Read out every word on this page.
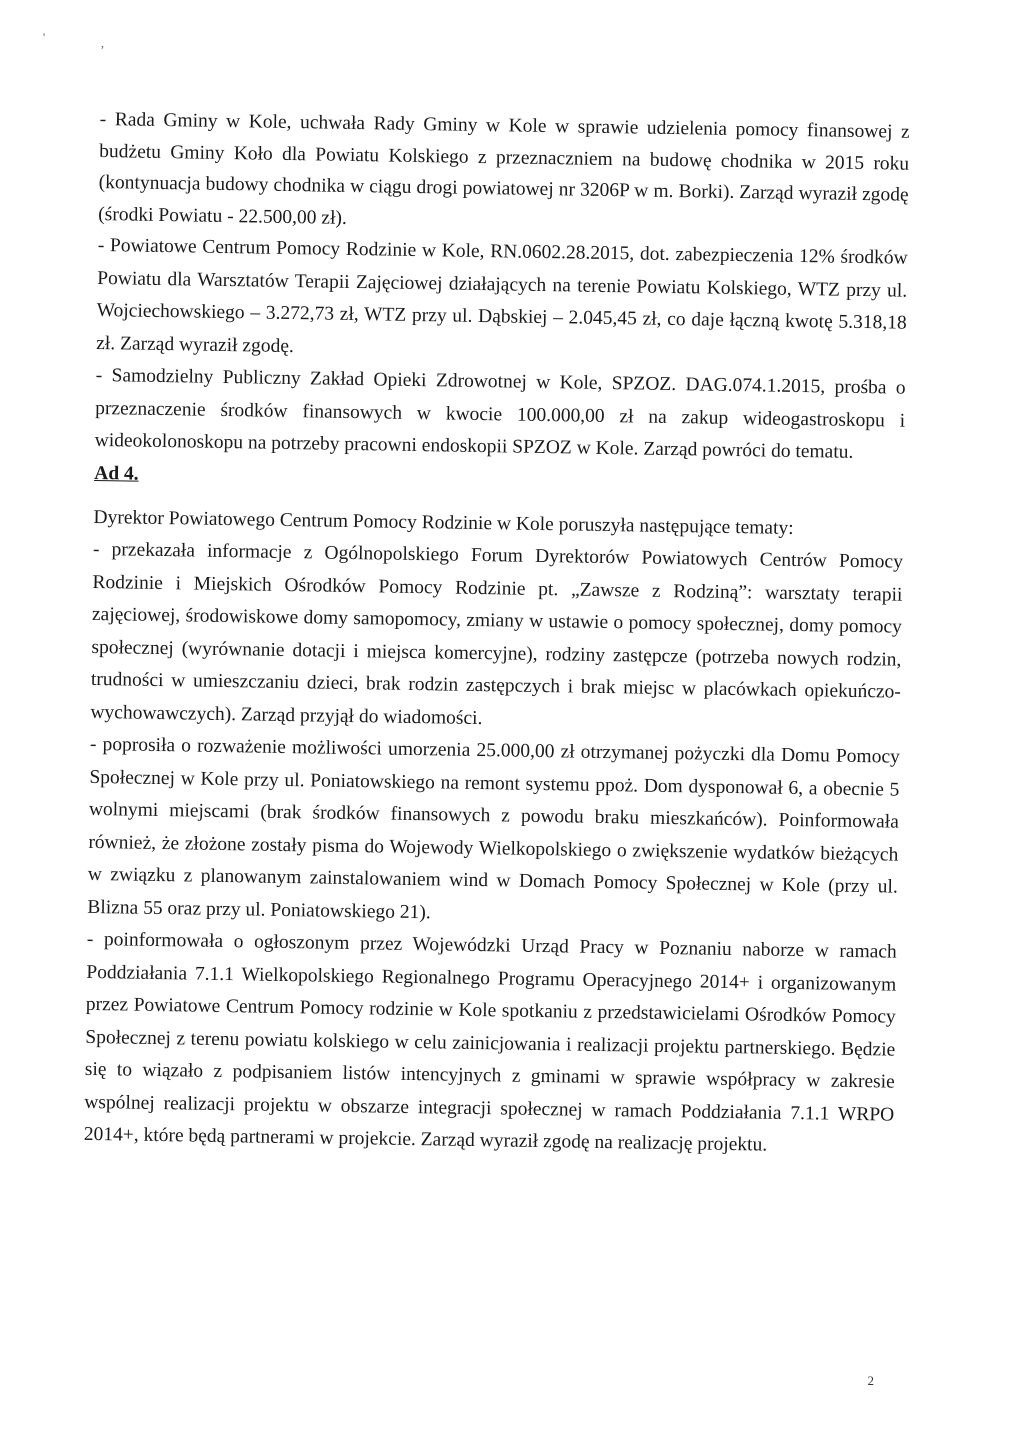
'	,

- Rada Gminy w Kole, uchwała Rady Gminy w Kole w sprawie udzielenia pomocy finansowej z budżetu Gminy Koło dla Powiatu Kolskiego z przeznaczniem na budowę chodnika w 2015 roku (kontynuacja budowy chodnika w ciągu drogi powiatowej nr 3206P w m. Borki). Zarząd wyraził zgodę (środki Powiatu - 22.500,00 zł).

- Powiatowe Centrum Pomocy Rodzinie w Kole, RN.0602.28.2015, dot. zabezpieczenia 12% środków Powiatu dla Warsztatów Terapii Zajęciowej działających na terenie Powiatu Kolskiego, WTZ przy ul. Wojciechowskiego – 3.272,73 zł, WTZ przy ul. Dąbskiej – 2.045,45 zł, co daje łączną kwotę 5.318,18 zł. Zarząd wyraził zgodę.

- Samodzielny Publiczny Zakład Opieki Zdrowotnej w Kole, SPZOZ. DAG.074.1.2015, prośba o przeznaczenie środków finansowych w kwocie 100.000,00 zł na zakup wideogastroskopu i wideokolonoskopu na potrzeby pracowni endoskopii SPZOZ w Kole. Zarząd powróci do tematu.

Ad 4.

Dyrektor Powiatowego Centrum Pomocy Rodzinie w Kole poruszyła następujące tematy:

- przekazała informacje z Ogólnopolskiego Forum Dyrektorów Powiatowych Centrów Pomocy Rodzinie i Miejskich Ośrodków Pomocy Rodzinie pt. „Zawsze z Rodziną”: warsztaty terapii zajęciowej, środowiskowe domy samopomocy, zmiany w ustawie o pomocy społecznej, domy pomocy społecznej (wyrównanie dotacji i miejsca komercyjne), rodziny zastępcze (potrzeba nowych rodzin, trudności w umieszczaniu dzieci, brak rodzin zastępczych i brak miejsc w placówkach opiekuńczo-wychowawczych). Zarząd przyjął do wiadomości.

- poprosiła o rozważenie możliwości umorzenia 25.000,00 zł otrzymanej pożyczki dla Domu Pomocy Społecznej w Kole przy ul. Poniatowskiego na remont systemu ppoż. Dom dysponował 6, a obecnie 5 wolnymi miejscami (brak środków finansowych z powodu braku mieszkańców). Poinformowała również, że złożone zostały pisma do Wojewody Wielkopolskiego o zwiększenie wydatków bieżących w związku z planowanym zainstalowaniem wind w Domach Pomocy Społecznej w Kole (przy ul. Blizna 55 oraz przy ul. Poniatowskiego 21).

- poinformowała o ogłoszonym przez Wojewódzki Urząd Pracy w Poznaniu naborze w ramach Poddziałania 7.1.1 Wielkopolskiego Regionalnego Programu Operacyjnego 2014+ i organizowanym przez Powiatowe Centrum Pomocy rodzinie w Kole spotkaniu z przedstawicielami Ośrodków Pomocy Społecznej z terenu powiatu kolskiego w celu zainicjowania i realizacji projektu partnerskiego. Będzie się to wiązało z podpisaniem listów intencyjnych z gminami w sprawie współpracy w zakresie wspólnej realizacji projektu w obszarze integracji społecznej w ramach Poddziałania 7.1.1 WRPO 2014+, które będą partnerami w projekcie. Zarząd wyraził zgodę na realizację projektu.

2
